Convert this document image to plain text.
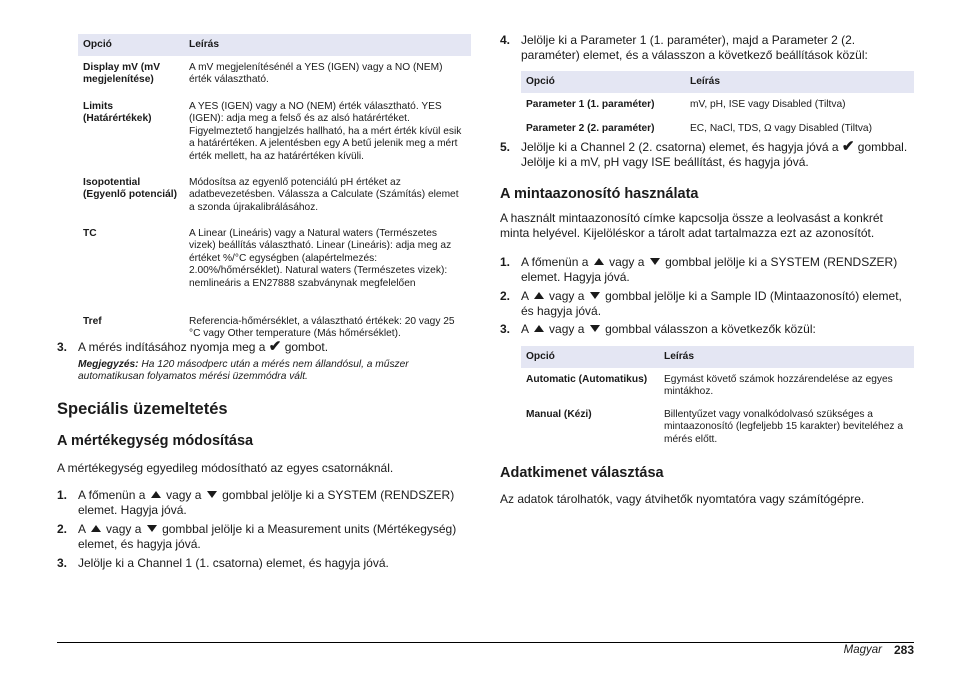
Opció	Leírás
Display mV (mV megjelenítése)	A mV megjelenítésénél a YES (IGEN) vagy a NO (NEM) érték választható.
Limits (Határértékek)	A YES (IGEN) vagy a NO (NEM) érték választható. YES (IGEN): adja meg a felső és az alsó határértéket. Figyelmeztető hangjelzés hallható, ha a mért érték kívül esik a határértéken. A jelentésben egy A betű jelenik meg a mért érték mellett, ha az határértéken kívüli.
Isopotential (Egyenlő potenciál)	Módosítsa az egyenlő potenciálú pH értéket az adatbevezetésben. Válassza a Calculate (Számítás) elemet a szonda újrakalibrálásához.
TC	A Linear (Lineáris) vagy a Natural waters (Természetes vizek) beállítás választható. Linear (Lineáris): adja meg az értéket %/°C egységben (alapértelmezés: 2.00%/hőmérséklet). Natural waters (Természetes vizek): nemlineáris a EN27888 szabványnak megfelelően
Tref	Referencia-hőmérséklet, a választható értékek: 20 vagy 25 °C vagy Other temperature (Más hőmérséklet).
3. A mérés indításához nyomja meg a ✔ gombot.
Megjegyzés: Ha 120 másodperc után a mérés nem állandósul, a műszer automatikusan folyamatos mérési üzemmódra vált.
Speciális üzemeltetés
A mértékegység módosítása

A mértékegység egyedileg módosítható az egyes csatornáknál.

1. A főmenün a vagy a gombbal jelölje ki a SYSTEM (RENDSZER) elemet. Hagyja jóvá.
2. A vagy a gombbal jelölje ki a Measurement units (Mértékegység) elemet, és hagyja jóvá.
3. Jelölje ki a Channel 1 (1. csatorna) elemet, és hagyja jóvá.
4. Jelölje ki a Parameter 1 (1. paraméter), majd a Parameter 2 (2. paraméter) elemet, és a válasszon a következő beállítások közül:
Opció	Leírás
Parameter 1 (1. paraméter)	mV, pH, ISE vagy Disabled (Tiltva)
Parameter 2 (2. paraméter)	EC, NaCl, TDS, Ω vagy Disabled (Tiltva)
5. Jelölje ki a Channel 2 (2. csatorna) elemet, és hagyja jóvá a ✔ gombbal. Jelölje ki a mV, pH vagy ISE beállítást, és hagyja jóvá.
A mintaazonosító használata

A használt mintaazonosító címke kapcsolja össze a leolvasást a konkrét minta helyével. Kijelöléskor a tárolt adat tartalmazza ezt az azonosítót.

1. A főmenün a vagy a gombbal jelölje ki a SYSTEM (RENDSZER) elemet. Hagyja jóvá.
2. A vagy a gombbal jelölje ki a Sample ID (Mintaazonosító) elemet, és hagyja jóvá.
3. A vagy a gombbal válasszon a következők közül:
Opció	Leírás
Automatic (Automatikus)	Egymást követő számok hozzárendelése az egyes mintákhoz.
Manual (Kézi)	Billentyűzet vagy vonalkódolvasó szükséges a mintaazonosító (legfeljebb 15 karakter) beviteléhez a mérés előtt.
Adatkimenet választása

Az adatok tárolhatók, vagy átvihetők nyomtatóra vagy számítógépre.

Magyar 283
